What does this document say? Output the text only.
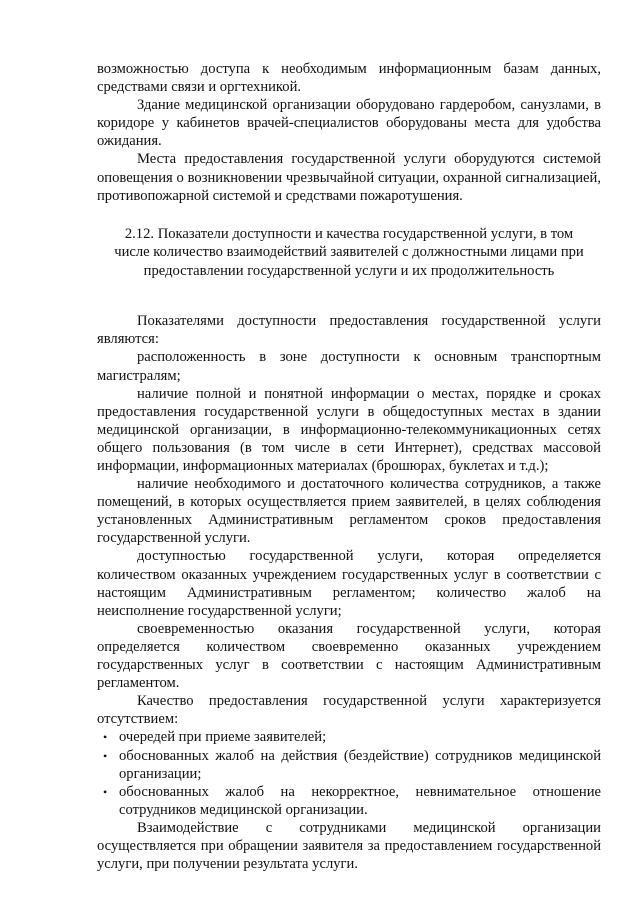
возможностью доступа к необходимым информационным базам данных, средствами связи и оргтехникой.

Здание медицинской организации оборудовано гардеробом, санузлами, в коридоре у кабинетов врачей-специалистов оборудованы места для удобства ожидания.

Места предоставления государственной услуги оборудуются системой оповещения о возникновении чрезвычайной ситуации, охранной сигнализацией, противопожарной системой и средствами пожаротушения.

2.12. Показатели доступности и качества государственной услуги, в том
числе количество взаимодействий заявителей с должностными лицами при
предоставлении государственной услуги и их продолжительность

Показателями доступности предоставления государственной услуги являются:

расположенность в зоне доступности к основным транспортным магистралям;

наличие полной и понятной информации о местах, порядке и сроках предоставления государственной услуги в общедоступных местах в здании медицинской организации, в информационно-телекоммуникационных сетях общего пользования (в том числе в сети Интернет), средствах массовой информации, информационных материалах (брошюрах, буклетах и т.д.);

наличие необходимого и достаточного количества сотрудников, а также помещений, в которых осуществляется прием заявителей, в целях соблюдения установленных Административным регламентом сроков предоставления государственной услуги.

доступностью государственной услуги, которая определяется количеством оказанных учреждением государственных услуг в соответствии с настоящим Административным регламентом; количество жалоб на неисполнение государственной услуги;

своевременностью оказания государственной услуги, которая определяется количеством своевременно оказанных учреждением государственных услуг в соответствии с настоящим Административным регламентом.

Качество предоставления государственной услуги характеризуется отсутствием:

• очередей при приеме заявителей;
• обоснованных жалоб на действия (бездействие) сотрудников медицинской организации;
• обоснованных жалоб на некорректное, невнимательное отношение сотрудников медицинской организации.

Взаимодействие с сотрудниками медицинской организации осуществляется при обращении заявителя за предоставлением государственной услуги, при получении результата услуги.
